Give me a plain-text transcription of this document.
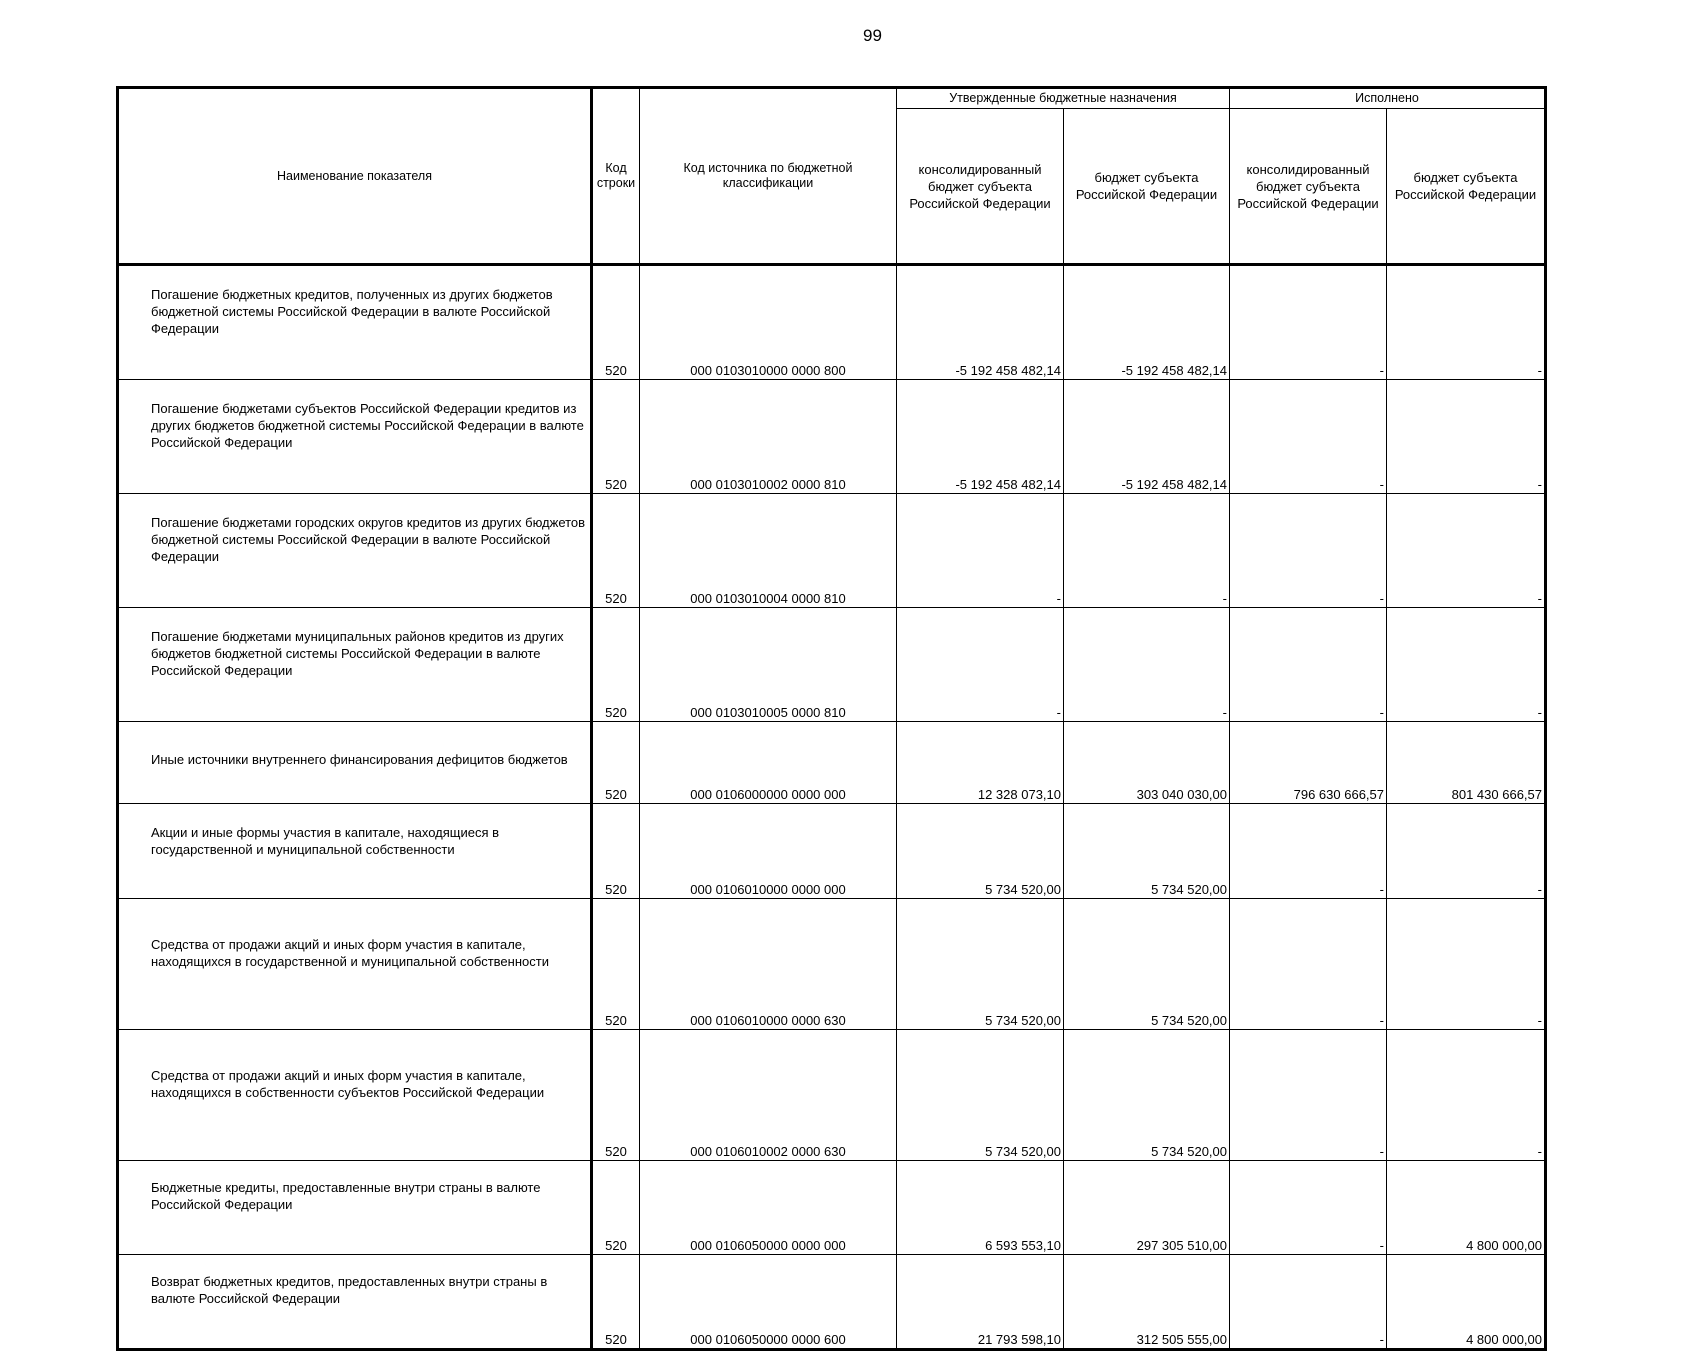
99
Наименование показателя	Код строки	Код источника по бюджетной классификации	Утвержденные бюджетные назначения		Исполнено	
			консолидированный бюджет субъекта Российской Федерации	бюджет субъекта Российской Федерации	консолидированный бюджет субъекта Российской Федерации	бюджет субъекта Российской Федерации
Погашение бюджетных кредитов, полученных из других бюджетов бюджетной системы Российской Федерации в валюте Российской Федерации	520	000 0103010000 0000 800	-5 192 458 482,14	-5 192 458 482,14	-	-
Погашение бюджетами субъектов Российской Федерации кредитов из других бюджетов бюджетной системы Российской Федерации в валюте Российской Федерации	520	000 0103010002 0000 810	-5 192 458 482,14	-5 192 458 482,14	-	-
Погашение бюджетами городских округов кредитов из других бюджетов бюджетной системы Российской Федерации в валюте Российской Федерации	520	000 0103010004 0000 810	-	-	-	-
Погашение бюджетами муниципальных районов кредитов из других бюджетов бюджетной системы Российской Федерации в валюте Российской Федерации	520	000 0103010005 0000 810	-	-	-	-
Иные источники внутреннего финансирования дефицитов бюджетов	520	000 0106000000 0000 000	12 328 073,10	303 040 030,00	796 630 666,57	801 430 666,57
Акции и иные формы участия в капитале, находящиеся в государственной и муниципальной собственности	520	000 0106010000 0000 000	5 734 520,00	5 734 520,00	-	-
Средства от продажи акций и иных форм участия в капитале, находящихся в государственной и муниципальной собственности	520	000 0106010000 0000 630	5 734 520,00	5 734 520,00	-	-
Средства от продажи акций и иных форм участия в капитале, находящихся в собственности субъектов Российской Федерации	520	000 0106010002 0000 630	5 734 520,00	5 734 520,00	-	-
Бюджетные кредиты, предоставленные внутри страны в валюте Российской Федерации	520	000 0106050000 0000 000	6 593 553,10	297 305 510,00	-	4 800 000,00
Возврат бюджетных кредитов, предоставленных внутри страны в валюте Российской Федерации	520	000 0106050000 0000 600	21 793 598,10	312 505 555,00	-	4 800 000,00
